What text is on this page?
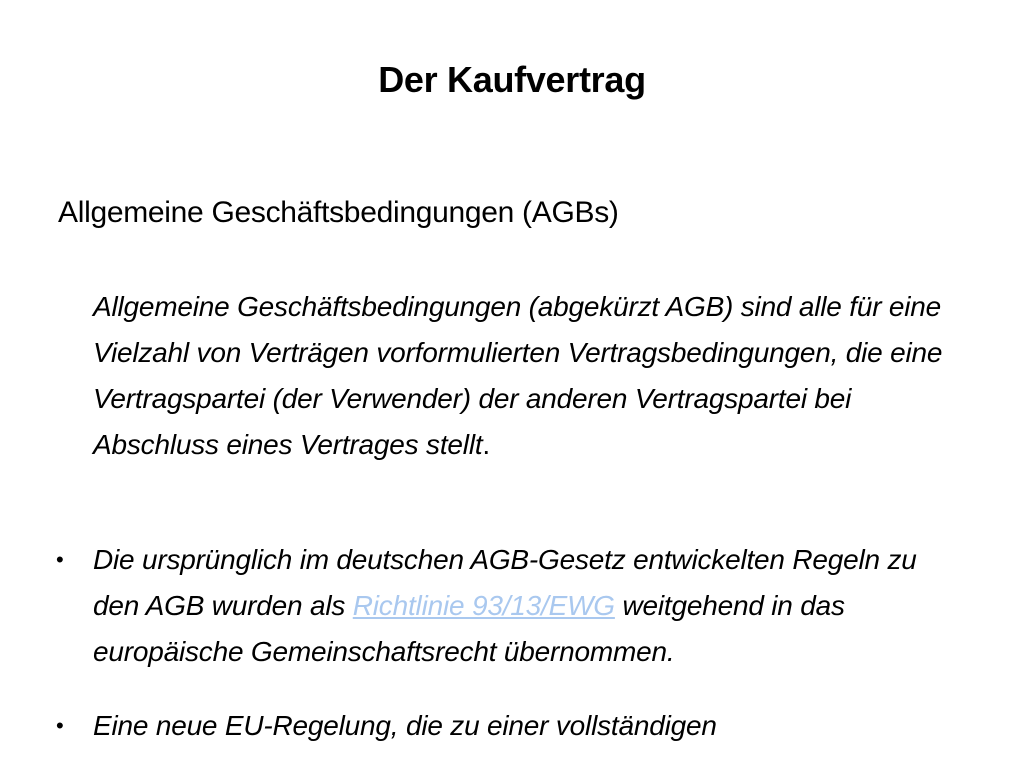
Der Kaufvertrag
Allgemeine Geschäftsbedingungen (AGBs)

Allgemeine Geschäftsbedingungen (abgekürzt AGB) sind alle für eine Vielzahl von Verträgen vorformulierten Vertragsbedingungen, die eine Vertragspartei (der Verwender) der anderen Vertragspartei bei Abschluss eines Vertrages stellt.

• Die ursprünglich im deutschen AGB-Gesetz entwickelten Regeln zu den AGB wurden als Richtlinie 93/13/EWG weitgehend in das europäische Gemeinschaftsrecht übernommen.
• Eine neue EU-Regelung, die zu einer vollständigen
